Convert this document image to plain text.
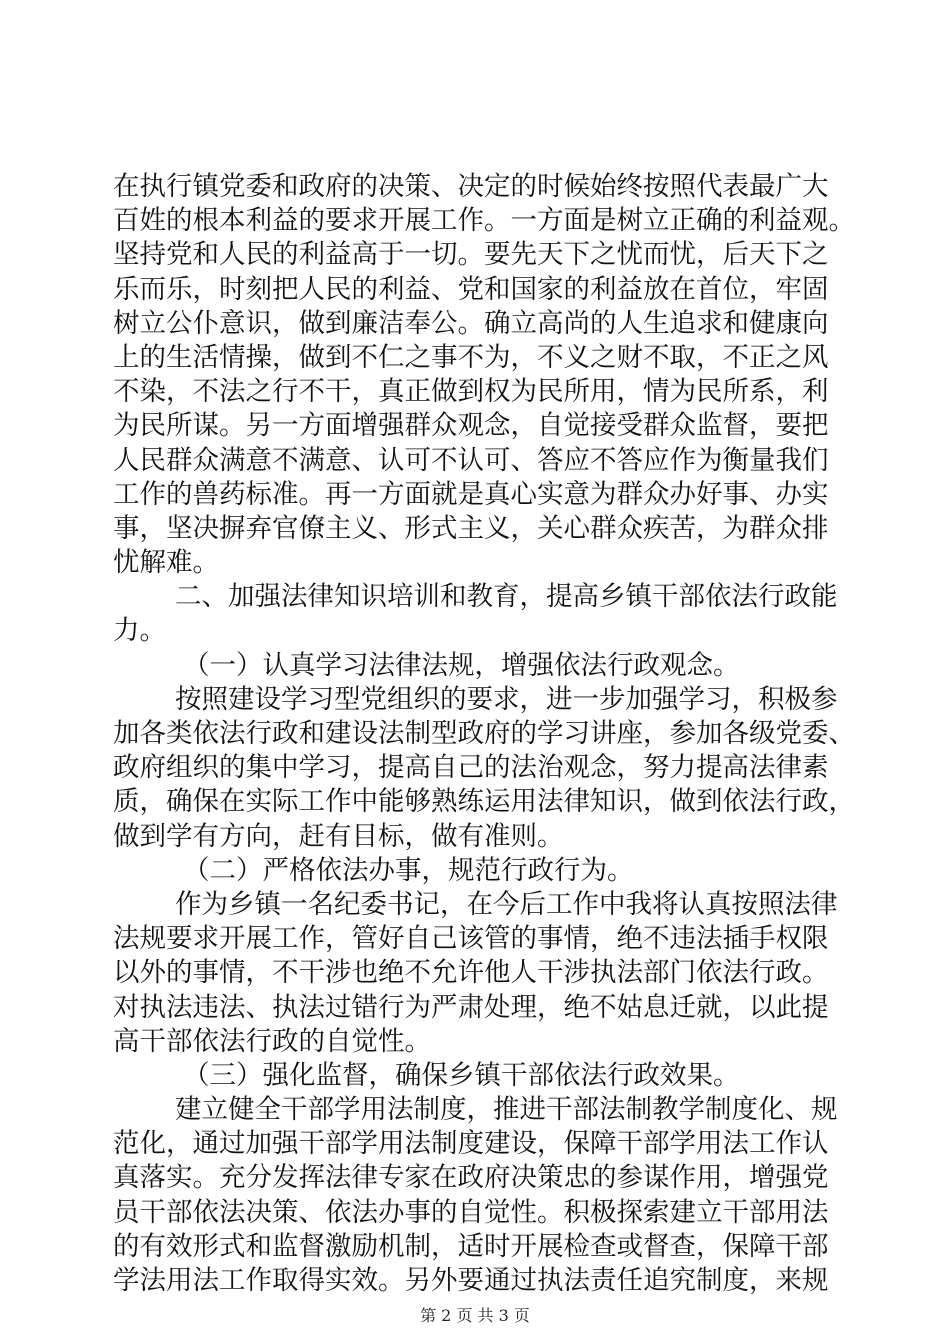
在执行镇党委和政府的决策、决定的时候始终按照代表最广大
百姓的根本利益的要求开展工作。一方面是树立正确的利益观。
坚持党和人民的利益高于一切。要先天下之忧而忧，后天下之
乐而乐，时刻把人民的利益、党和国家的利益放在首位，牢固
树立公仆意识，做到廉洁奉公。确立高尚的人生追求和健康向
上的生活情操，做到不仁之事不为，不义之财不取，不正之风
不染，不法之行不干，真正做到权为民所用，情为民所系，利
为民所谋。另一方面增强群众观念，自觉接受群众监督，要把
人民群众满意不满意、认可不认可、答应不答应作为衡量我们
工作的兽药标准。再一方面就是真心实意为群众办好事、办实
事，坚决摒弃官僚主义、形式主义，关心群众疾苦，为群众排
忧解难。
二、加强法律知识培训和教育，提高乡镇干部依法行政能
力。
（一）认真学习法律法规，增强依法行政观念。
按照建设学习型党组织的要求，进一步加强学习，积极参
加各类依法行政和建设法制型政府的学习讲座，参加各级党委、
政府组织的集中学习，提高自己的法治观念，努力提高法律素
质，确保在实际工作中能够熟练运用法律知识，做到依法行政，
做到学有方向，赶有目标，做有准则。
（二）严格依法办事，规范行政行为。
作为乡镇一名纪委书记，在今后工作中我将认真按照法律
法规要求开展工作，管好自己该管的事情，绝不违法插手权限
以外的事情，不干涉也绝不允许他人干涉执法部门依法行政。
对执法违法、执法过错行为严肃处理，绝不姑息迁就，以此提
高干部依法行政的自觉性。
（三）强化监督，确保乡镇干部依法行政效果。
建立健全干部学用法制度，推进干部法制教学制度化、规
范化，通过加强干部学用法制度建设，保障干部学用法工作认
真落实。充分发挥法律专家在政府决策忠的参谋作用，增强党
员干部依法决策、依法办事的自觉性。积极探索建立干部用法
的有效形式和监督激励机制，适时开展检查或督查，保障干部
学法用法工作取得实效。另外要通过执法责任追究制度，来规
第 2 页 共 3 页
